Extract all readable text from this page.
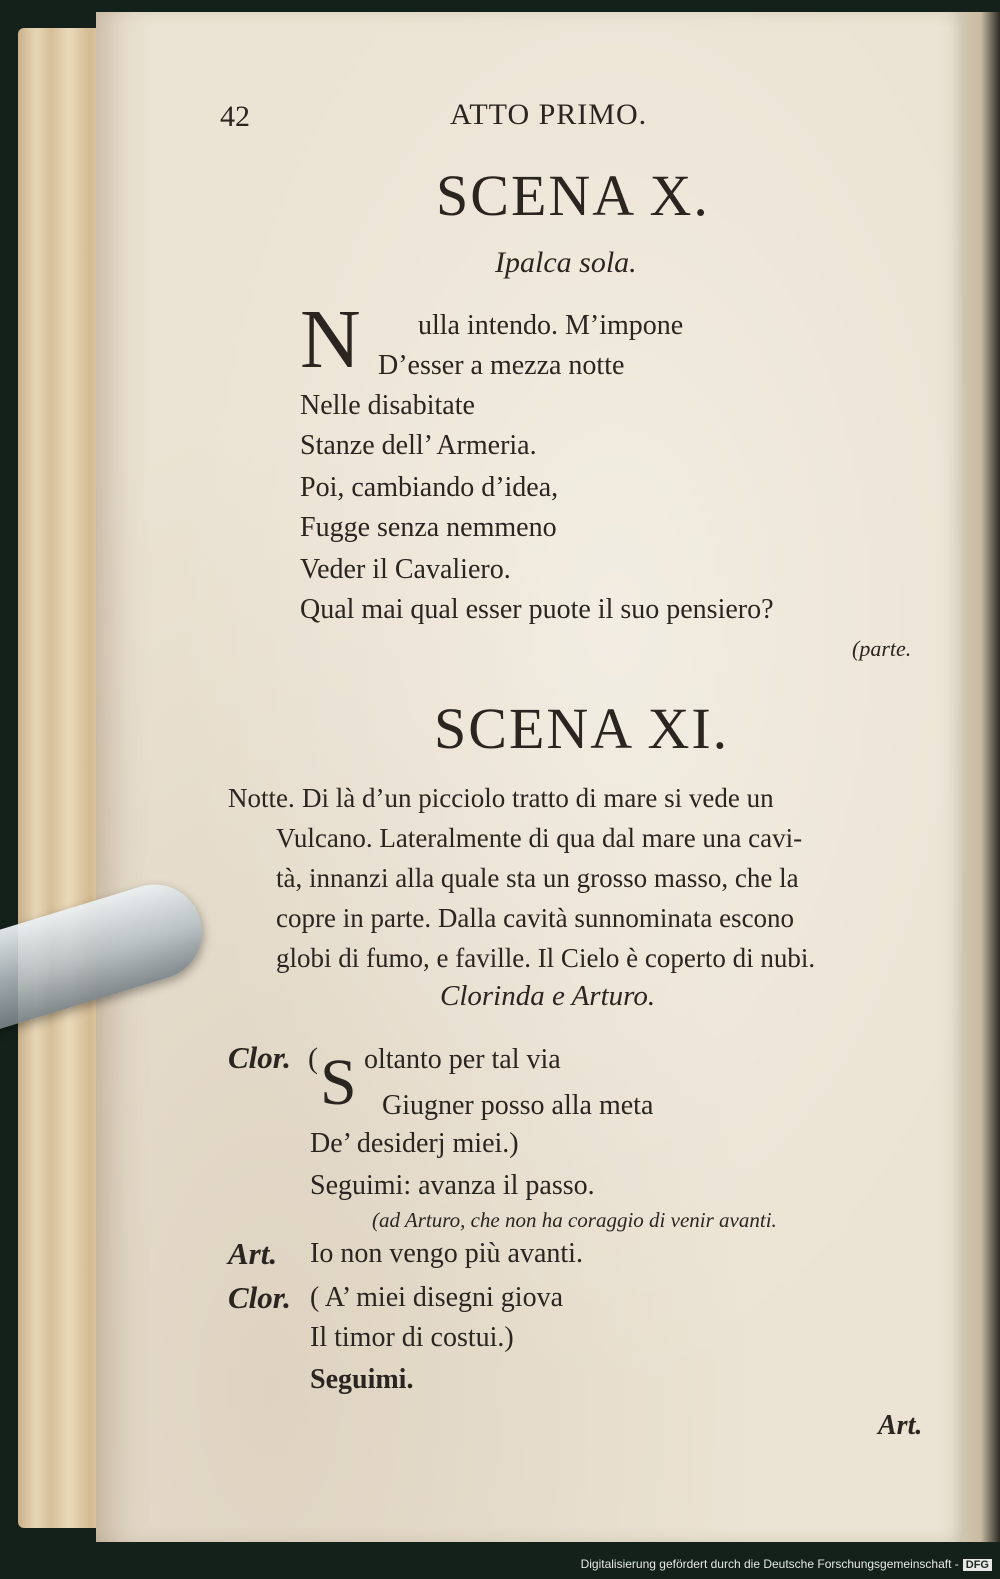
42	ATTO PRIMO.
SCENA X.
Ipalca sola.
N ulla intendo. M’impone
D’esser a mezza notte
Nelle disabitate
Stanze dell’ Armeria.
Poi, cambiando d’idea,
Fugge senza nemmeno
Veder il Cavaliero.
Qual mai qual esser puote il suo pensiero?
(parte.
SCENA XI.
Notte. Di là d’un picciolo tratto di mare si vede un
Vulcano. Lateralmente di qua dal mare una cavi-
tà, innanzi alla quale sta un grosso masso, che la
copre in parte. Dalla cavità sunnominata escono
globi di fumo, e faville. Il Cielo è coperto di nubi.
Clorinda e Arturo.
Clor. ( S oltanto per tal via
Giugner posso alla meta
De’ desiderj miei.)
Seguimi: avanza il passo.
(ad Arturo, che non ha coraggio di venir avanti.
Art. Io non vengo più avanti.
Clor. ( A’ miei disegni giova
Il timor di costui.)
Seguimi.
Art.
Digitalisierung gefördert durch die Deutsche Forschungsgemeinschaft - DFG
